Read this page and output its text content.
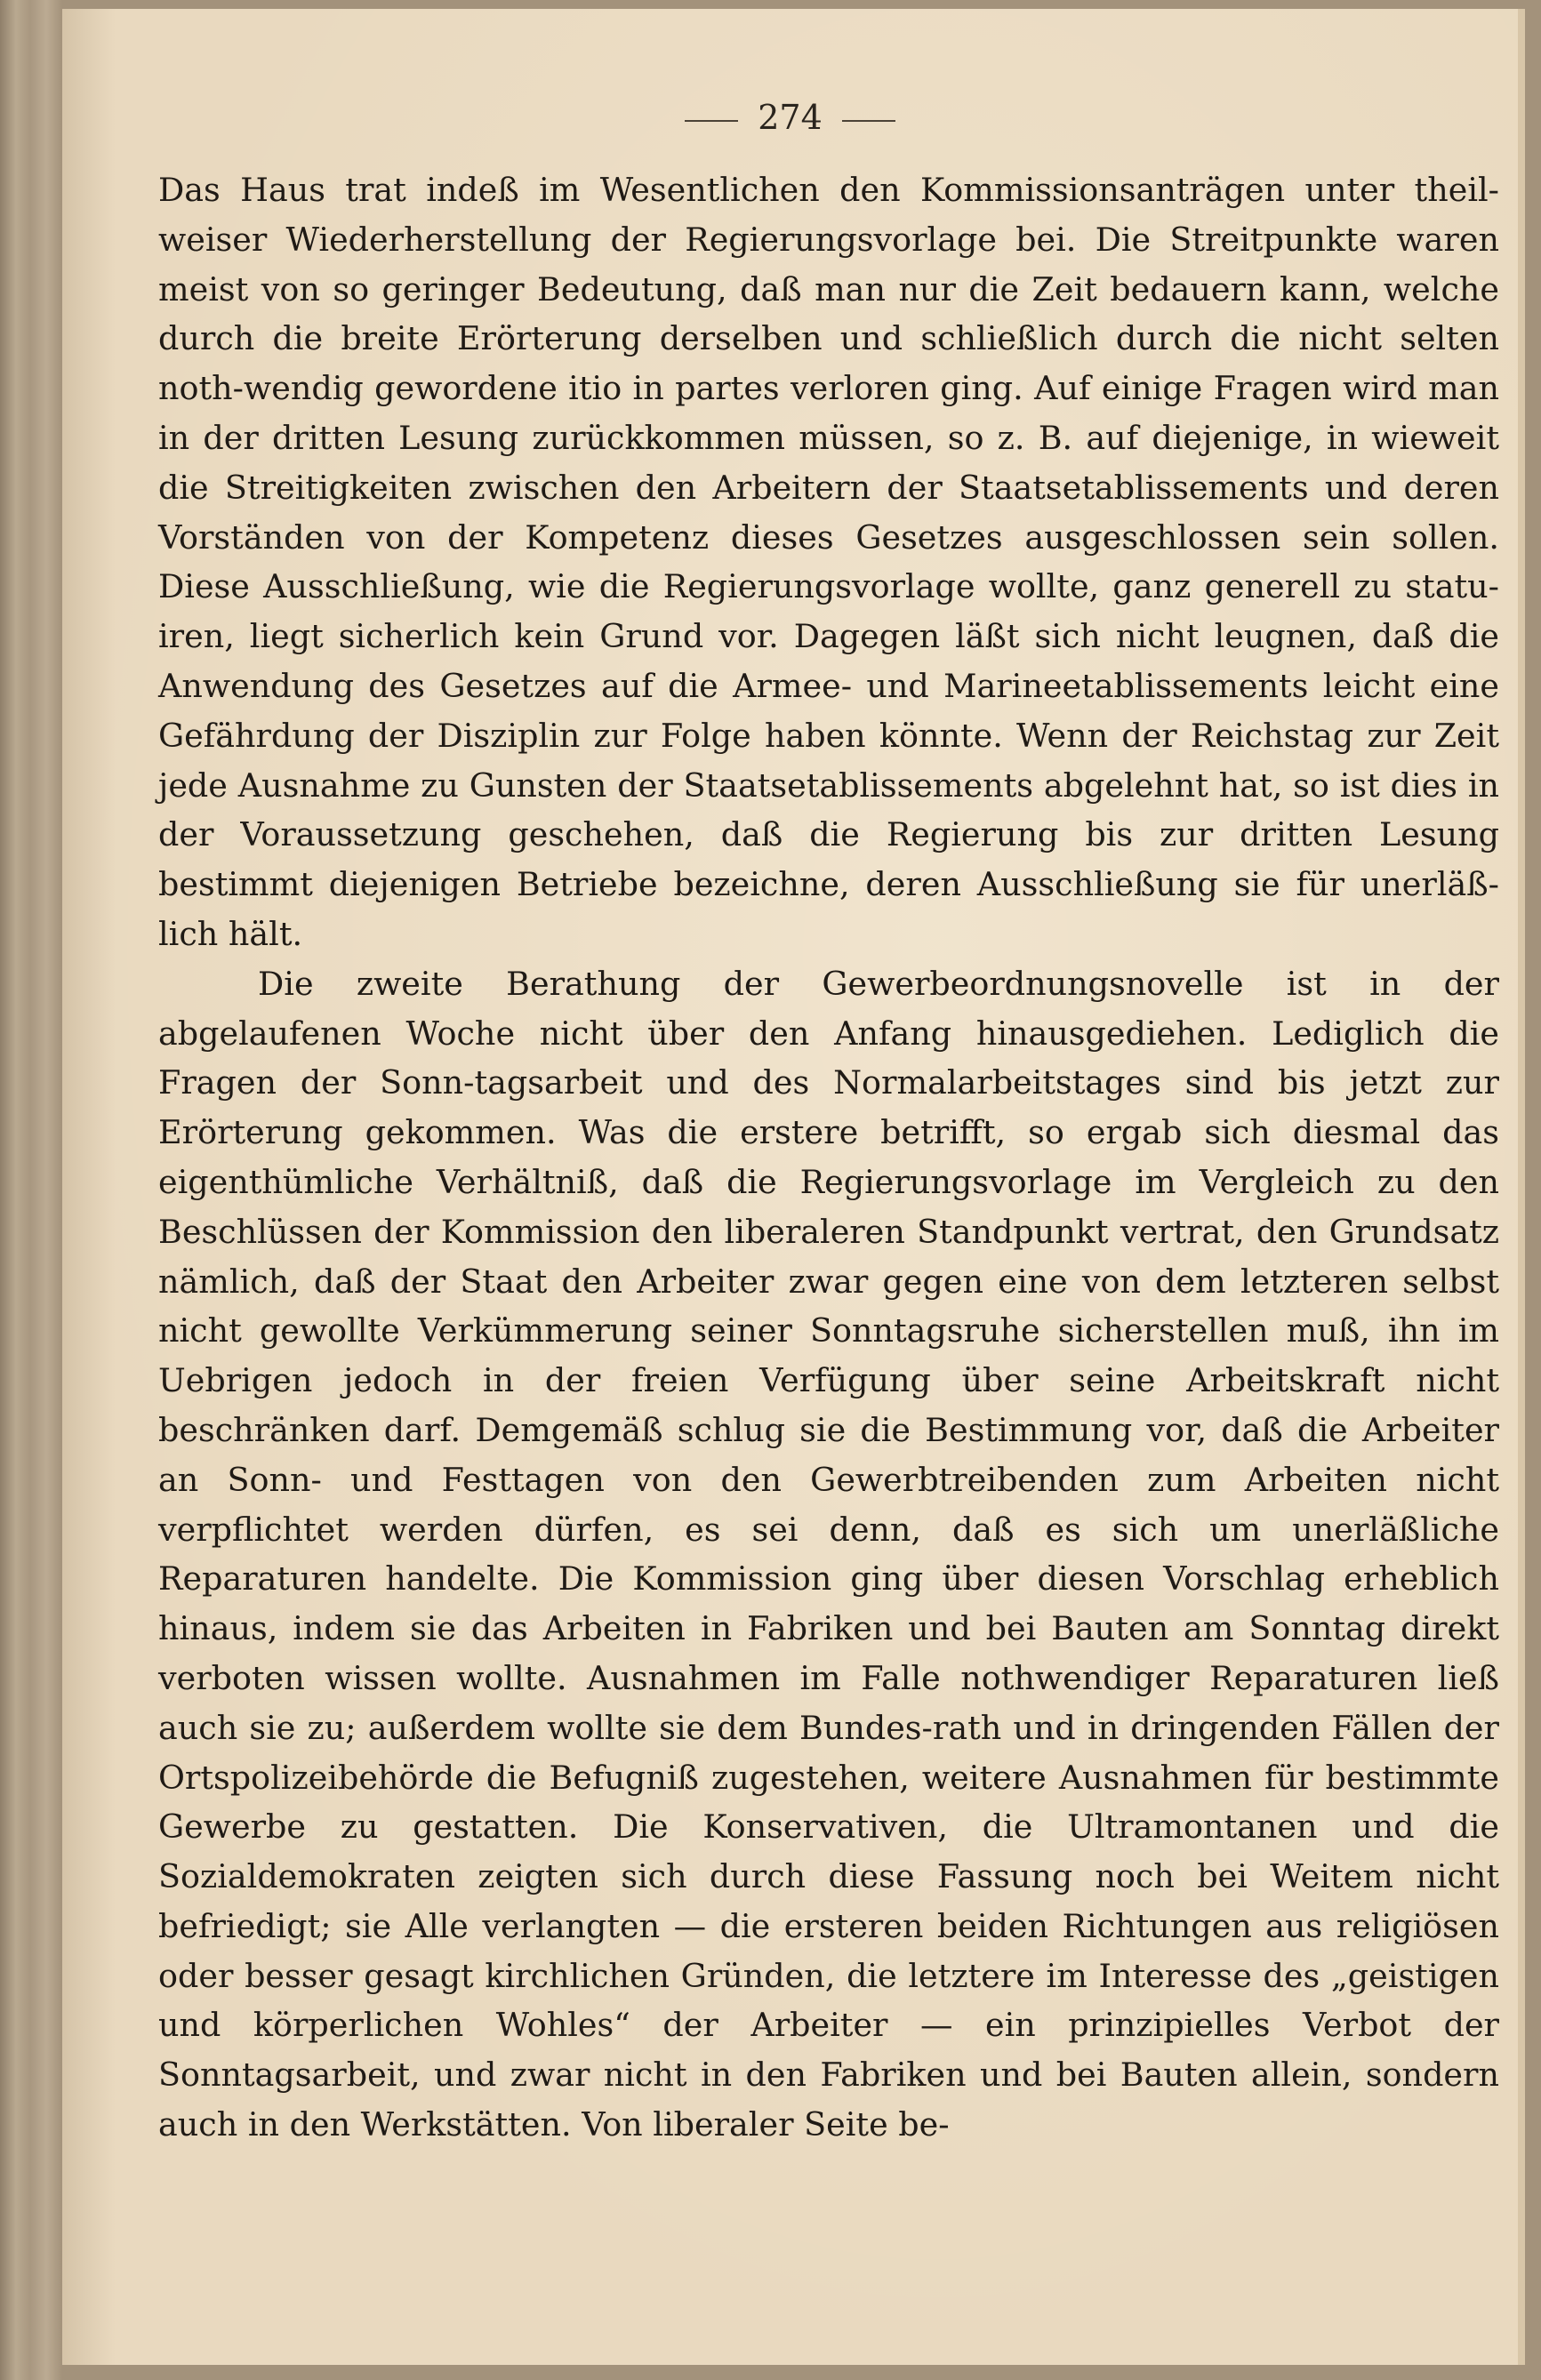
274

Das Haus trat indeß im Wesentlichen den Kommissionsanträgen unter theil-weiser Wiederherstellung der Regierungsvorlage bei. Die Streitpunkte waren meist von so geringer Bedeutung, daß man nur die Zeit bedauern kann, welche durch die breite Erörterung derselben und schließlich durch die nicht selten noth-wendig gewordene itio in partes verloren ging. Auf einige Fragen wird man in der dritten Lesung zurückkommen müssen, so z. B. auf diejenige, in wieweit die Streitigkeiten zwischen den Arbeitern der Staatsetablissements und deren Vorständen von der Kompetenz dieses Gesetzes ausgeschlossen sein sollen. Diese Ausschließung, wie die Regierungsvorlage wollte, ganz generell zu statu-iren, liegt sicherlich kein Grund vor. Dagegen läßt sich nicht leugnen, daß die Anwendung des Gesetzes auf die Armee- und Marineetablissements leicht eine Gefährdung der Disziplin zur Folge haben könnte. Wenn der Reichstag zur Zeit jede Ausnahme zu Gunsten der Staatsetablissements abgelehnt hat, so ist dies in der Voraussetzung geschehen, daß die Regierung bis zur dritten Lesung bestimmt diejenigen Betriebe bezeichne, deren Ausschließung sie für unerläß-lich hält.

Die zweite Berathung der Gewerbeordnungsnovelle ist in der abgelaufenen Woche nicht über den Anfang hinausgediehen. Lediglich die Fragen der Sonn-tagsarbeit und des Normalarbeitstages sind bis jetzt zur Erörterung gekommen. Was die erstere betrifft, so ergab sich diesmal das eigenthümliche Verhältniß, daß die Regierungsvorlage im Vergleich zu den Beschlüssen der Kommission den liberaleren Standpunkt vertrat, den Grundsatz nämlich, daß der Staat den Arbeiter zwar gegen eine von dem letzteren selbst nicht gewollte Verkümmerung seiner Sonntagsruhe sicherstellen muß, ihn im Uebrigen jedoch in der freien Verfügung über seine Arbeitskraft nicht beschränken darf. Demgemäß schlug sie die Bestimmung vor, daß die Arbeiter an Sonn- und Festtagen von den Gewerbtreibenden zum Arbeiten nicht verpflichtet werden dürfen, es sei denn, daß es sich um unerläßliche Reparaturen handelte. Die Kommission ging über diesen Vorschlag erheblich hinaus, indem sie das Arbeiten in Fabriken und bei Bauten am Sonntag direkt verboten wissen wollte. Ausnahmen im Falle nothwendiger Reparaturen ließ auch sie zu; außerdem wollte sie dem Bundes-rath und in dringenden Fällen der Ortspolizeibehörde die Befugniß zugestehen, weitere Ausnahmen für bestimmte Gewerbe zu gestatten. Die Konservativen, die Ultramontanen und die Sozialdemokraten zeigten sich durch diese Fassung noch bei Weitem nicht befriedigt; sie Alle verlangten — die ersteren beiden Richtungen aus religiösen oder besser gesagt kirchlichen Gründen, die letztere im Interesse des „geistigen und körperlichen Wohles“ der Arbeiter — ein prinzipielles Verbot der Sonntagsarbeit, und zwar nicht in den Fabriken und bei Bauten allein, sondern auch in den Werkstätten. Von liberaler Seite be-
